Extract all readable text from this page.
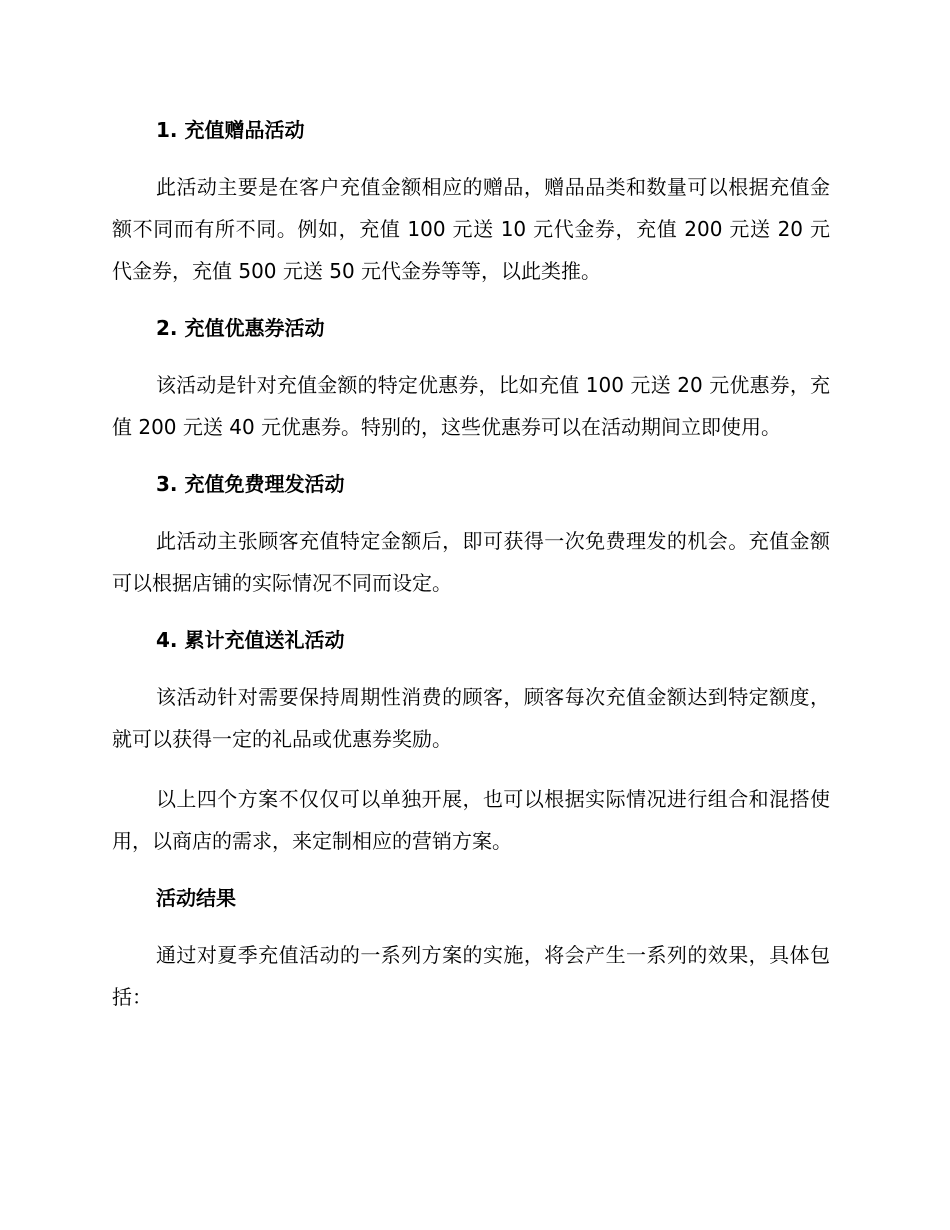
1. 充值赠品活动

此活动主要是在客户充值金额相应的赠品，赠品品类和数量可以根据充值金额不同而有所不同。例如，充值 100 元送 10 元代金券，充值 200 元送 20 元代金券，充值 500 元送 50 元代金券等等，以此类推。

2. 充值优惠券活动

该活动是针对充值金额的特定优惠券，比如充值 100 元送 20 元优惠券，充值 200 元送 40 元优惠券。特别的，这些优惠券可以在活动期间立即使用。

3. 充值免费理发活动

此活动主张顾客充值特定金额后，即可获得一次免费理发的机会。充值金额可以根据店铺的实际情况不同而设定。

4. 累计充值送礼活动

该活动针对需要保持周期性消费的顾客，顾客每次充值金额达到特定额度，就可以获得一定的礼品或优惠券奖励。

以上四个方案不仅仅可以单独开展，也可以根据实际情况进行组合和混搭使用，以商店的需求，来定制相应的营销方案。

活动结果

通过对夏季充值活动的一系列方案的实施，将会产生一系列的效果，具体包括：
